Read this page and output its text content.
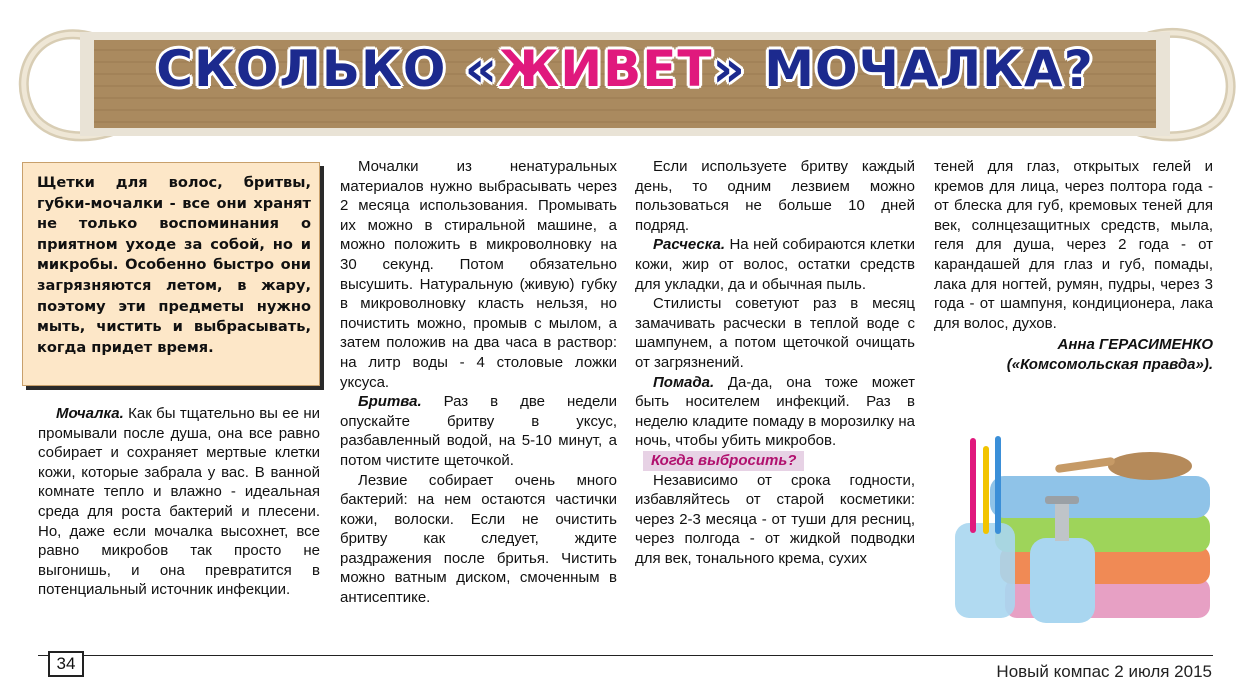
СКОЛЬКО «ЖИВЕТ» МОЧАЛКА?

Щетки для волос, бритвы, губки-мочалки - все они хранят не только воспоминания о приятном уходе за собой, но и микробы. Особенно быстро они загрязняются летом, в жару, поэтому эти предметы нужно мыть, чистить и выбрасывать, когда придет время.

Мочалка. Как бы тщательно вы ее ни промывали после душа, она все равно собирает и сохраняет мертвые клетки кожи, которые забрала у вас. В ванной комнате тепло и влажно - идеальная среда для роста бактерий и плесени. Но, даже если мочалка высохнет, все равно микробов так просто не выгонишь, и она превратится в потенциальный источник инфекции.

Мочалки из ненатуральных материалов нужно выбрасывать через 2 месяца использования. Промывать их можно в стиральной машине, а можно положить в микроволновку на 30 секунд. Потом обязательно высушить. Натуральную (живую) губку в микроволновку класть нельзя, но почистить можно, промыв с мылом, а затем положив на два часа в раствор: на литр воды - 4 столовые ложки уксуса.

Бритва. Раз в две недели опускайте бритву в уксус, разбавленный водой, на 5-10 минут, а потом чистите щеточкой.

Лезвие собирает очень много бактерий: на нем остаются частички кожи, волоски. Если не очистить бритву как следует, ждите раздражения после бритья. Чистить можно ватным диском, смоченным в антисептике.

Если используете бритву каждый день, то одним лезвием можно пользоваться не больше 10 дней подряд.

Расческа. На ней собираются клетки кожи, жир от волос, остатки средств для укладки, да и обычная пыль.

Стилисты советуют раз в месяц замачивать расчески в теплой воде с шампунем, а потом щеточкой очищать от загрязнений.

Помада. Да-да, она тоже может быть носителем инфекций. Раз в неделю кладите помаду в морозилку на ночь, чтобы убить микробов.

Когда выбросить?

Независимо от срока годности, избавляйтесь от старой косметики: через 2-3 месяца - от туши для ресниц, через полгода - от жидкой подводки для век, тонального крема, сухих

теней для глаз, открытых гелей и кремов для лица, через полтора года - от блеска для губ, кремовых теней для век, солнцезащитных средств, мыла, геля для душа, через 2 года - от карандашей для глаз и губ, помады, лака для ногтей, румян, пудры, через 3 года - от шампуня, кондиционера, лака для волос, духов.

Анна ГЕРАСИМЕНКО
(«Комсомольская правда»).
34	Новый компас 2 июля 2015
